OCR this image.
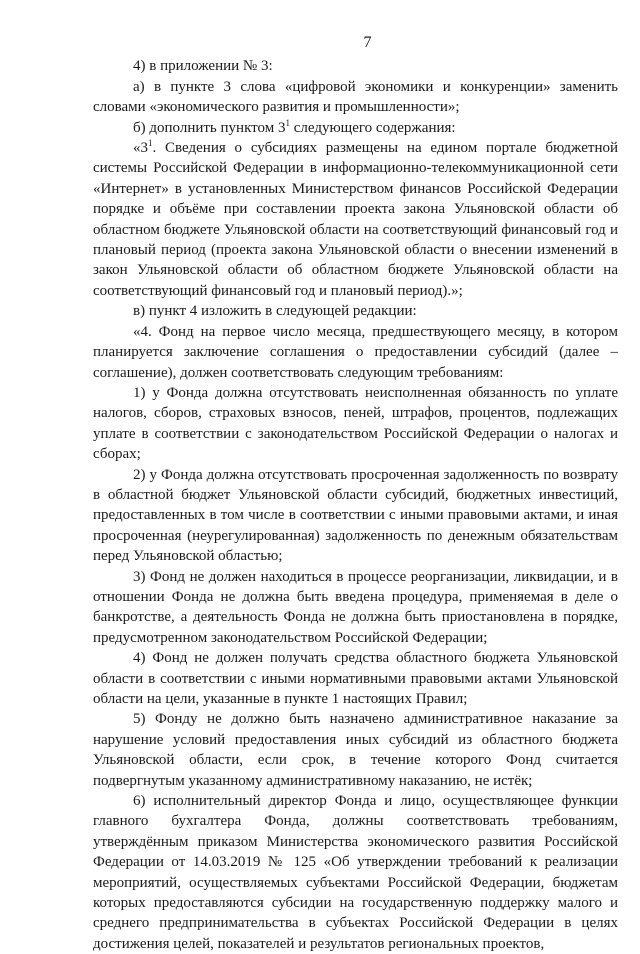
7

4) в приложении № 3:

а) в пункте 3 слова «цифровой экономики и конкуренции» заменить словами «экономического развития и промышленности»;

б) дополнить пунктом $3^1$ следующего содержания:

«$3^1$. Сведения о субсидиях размещены на едином портале бюджетной системы Российской Федерации в информационно-телекоммуникационной сети «Интернет» в установленных Министерством финансов Российской Федерации порядке и объёме при составлении проекта закона Ульяновской области об областном бюджете Ульяновской области на соответствующий финансовый год и плановый период (проекта закона Ульяновской области о внесении изменений в закон Ульяновской области об областном бюджете Ульяновской области на соответствующий финансовый год и плановый период).»;

в) пункт 4 изложить в следующей редакции:

«4. Фонд на первое число месяца, предшествующего месяцу, в котором планируется заключение соглашения о предоставлении субсидий (далее – соглашение), должен соответствовать следующим требованиям:

1) у Фонда должна отсутствовать неисполненная обязанность по уплате налогов, сборов, страховых взносов, пеней, штрафов, процентов, подлежащих уплате в соответствии с законодательством Российской Федерации о налогах и сборах;

2) у Фонда должна отсутствовать просроченная задолженность по возврату в областной бюджет Ульяновской области субсидий, бюджетных инвестиций, предоставленных в том числе в соответствии с иными правовыми актами, и иная просроченная (неурегулированная) задолженность по денежным обязательствам перед Ульяновской областью;

3) Фонд не должен находиться в процессе реорганизации, ликвидации, и в отношении Фонда не должна быть введена процедура, применяемая в деле о банкротстве, а деятельность Фонда не должна быть приостановлена в порядке, предусмотренном законодательством Российской Федерации;

4) Фонд не должен получать средства областного бюджета Ульяновской области в соответствии с иными нормативными правовыми актами Ульяновской области на цели, указанные в пункте 1 настоящих Правил;

5) Фонду не должно быть назначено административное наказание за нарушение условий предоставления иных субсидий из областного бюджета Ульяновской области, если срок, в течение которого Фонд считается подвергнутым указанному административному наказанию, не истёк;

6) исполнительный директор Фонда и лицо, осуществляющее функции главного бухгалтера Фонда, должны соответствовать требованиям, утверждённым приказом Министерства экономического развития Российской Федерации от 14.03.2019 № 125 «Об утверждении требований к реализации мероприятий, осуществляемых субъектами Российской Федерации, бюджетам которых предоставляются субсидии на государственную поддержку малого и среднего предпринимательства в субъектах Российской Федерации в целях достижения целей, показателей и результатов региональных проектов,
